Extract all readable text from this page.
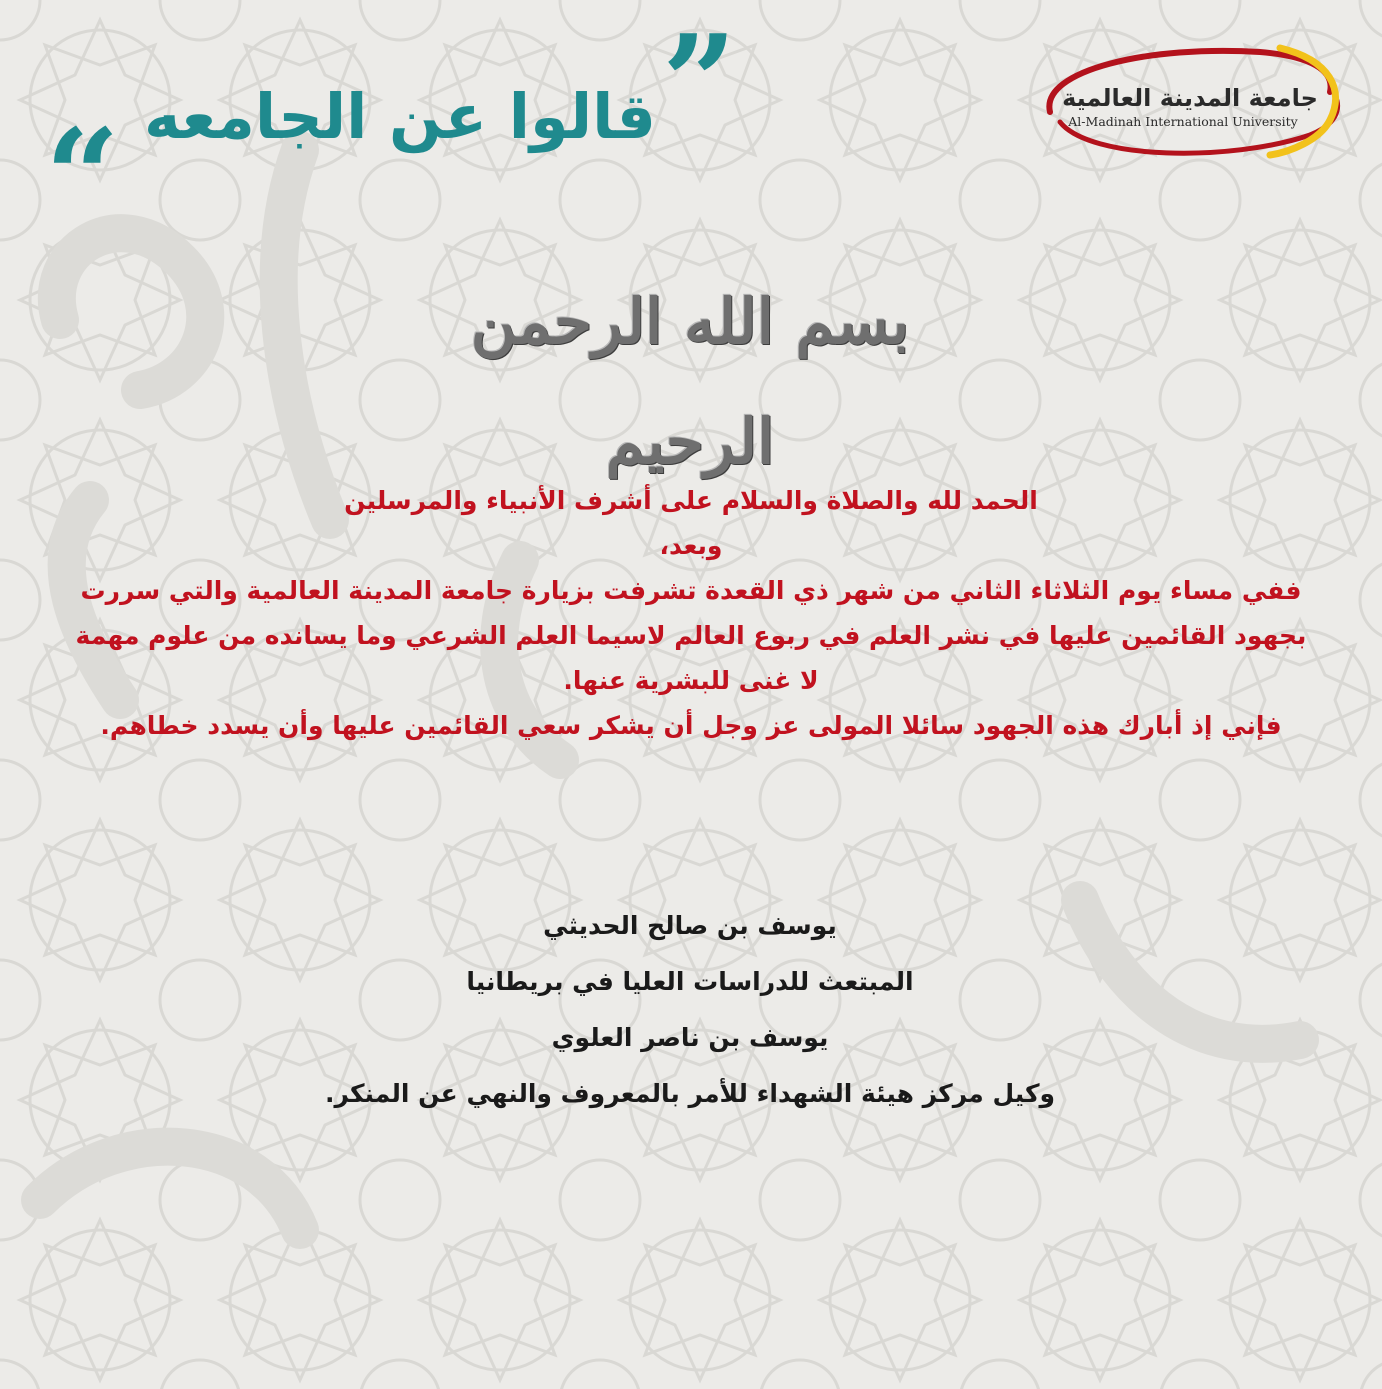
”
قالوا عن الجامعه
“
جامعة المدينة العالمية
Al-Madinah International University
بسم الله الرحمن الرحيم
الحمد لله والصلاة والسلام على أشرف الأنبياء والمرسلين
وبعد،
ففي مساء يوم الثلاثاء الثاني من شهر ذي القعدة تشرفت بزيارة جامعة المدينة العالمية والتي سررت
بجهود القائمين عليها في نشر العلم في ربوع العالم لاسيما العلم الشرعي وما يسانده من علوم مهمة
لا غنى للبشرية عنها.
فإني إذ أبارك هذه الجهود سائلا المولى عز وجل أن يشكر سعي القائمين عليها وأن يسدد خطاهم.
يوسف بن صالح الحديثي
المبتعث للدراسات العليا في بريطانيا
يوسف بن ناصر العلوي
وكيل مركز هيئة الشهداء للأمر بالمعروف والنهي عن المنكر.
